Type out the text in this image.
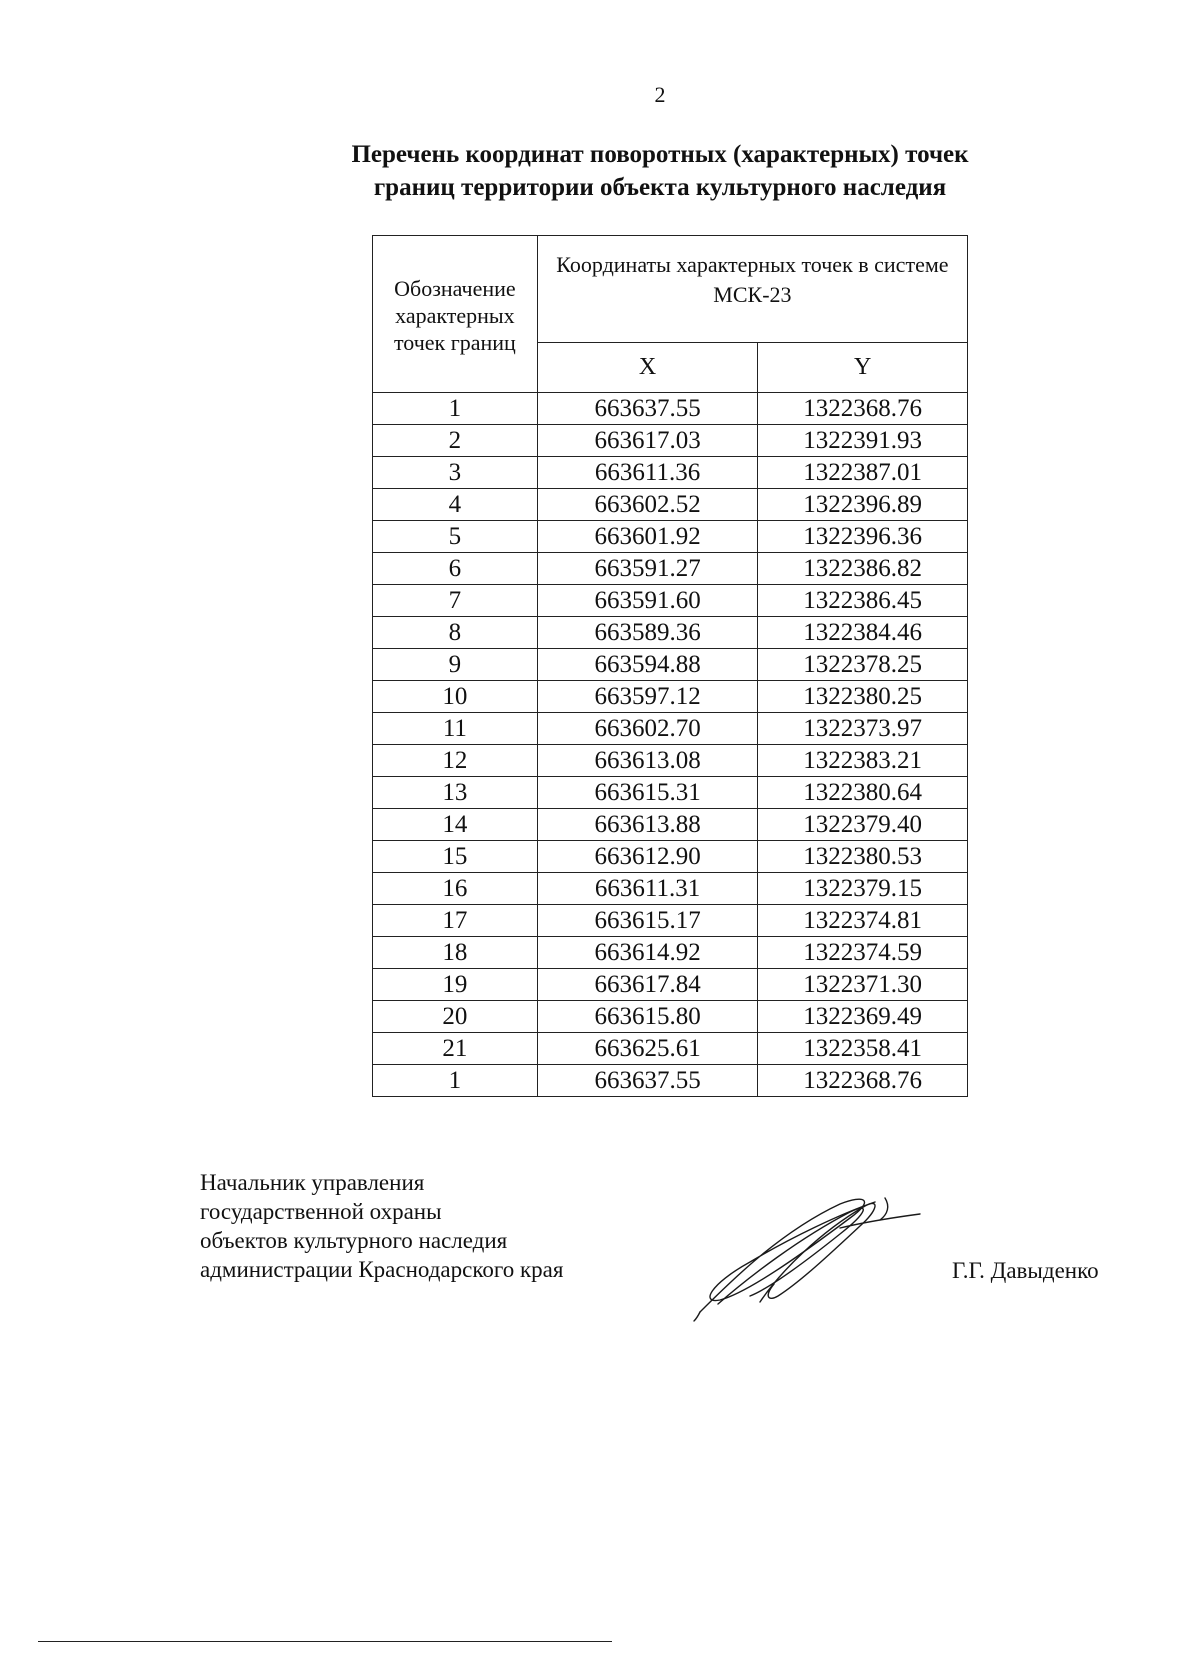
2
Перечень координат поворотных (характерных) точек
границ территории объекта культурного наследия
Обозначение характерных точек границ	Координаты характерных точек в системе МСК-23	
	X	Y
1	663637.55	1322368.76
2	663617.03	1322391.93
3	663611.36	1322387.01
4	663602.52	1322396.89
5	663601.92	1322396.36
6	663591.27	1322386.82
7	663591.60	1322386.45
8	663589.36	1322384.46
9	663594.88	1322378.25
10	663597.12	1322380.25
11	663602.70	1322373.97
12	663613.08	1322383.21
13	663615.31	1322380.64
14	663613.88	1322379.40
15	663612.90	1322380.53
16	663611.31	1322379.15
17	663615.17	1322374.81
18	663614.92	1322374.59
19	663617.84	1322371.30
20	663615.80	1322369.49
21	663625.61	1322358.41
1	663637.55	1322368.76
Начальник управления
государственной охраны
объектов культурного наследия
администрации Краснодарского края	Г.Г. Давыденко
